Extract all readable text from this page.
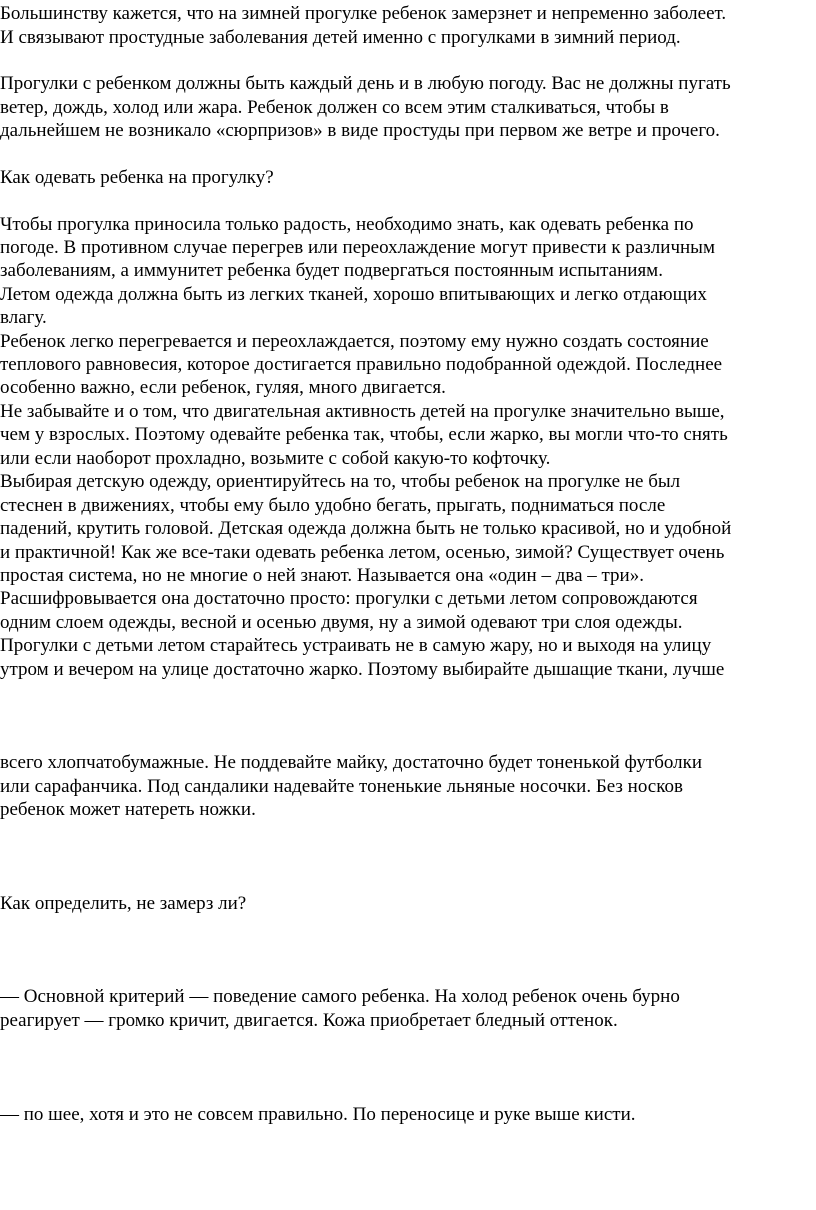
Большинству кажется, что на зимней прогулке ребенок замерзнет и непременно заболеет.

И связывают простудные заболевания детей именно с прогулками в зимний период.

Прогулки с ребенком должны быть каждый день и в любую погоду. Вас не должны пугать

ветер, дождь, холод или жара. Ребенок должен со всем этим сталкиваться, чтобы в

дальнейшем не возникало «сюрпризов» в виде простуды при первом же ветре и прочего.

Как одевать ребенка на прогулку?

Чтобы прогулка приносила только радость, необходимо знать, как одевать ребенка по

погоде. В противном случае перегрев или переохлаждение могут привести к различным

заболеваниям, а иммунитет ребенка будет подвергаться постоянным испытаниям.

Летом одежда должна быть из легких тканей, хорошо впитывающих и легко отдающих

влагу.

Ребенок легко перегревается и переохлаждается, поэтому ему нужно создать состояние

теплового равновесия, которое достигается правильно подобранной одеждой. Последнее

особенно важно, если ребенок, гуляя, много двигается.

Не забывайте и о том, что двигательная активность детей на прогулке значительно выше,

чем у взрослых. Поэтому одевайте ребенка так, чтобы, если жарко, вы могли что-то снять

или если наоборот прохладно, возьмите с собой какую-то кофточку.

Выбирая детскую одежду, ориентируйтесь на то, чтобы ребенок на прогулке не был

стеснен в движениях, чтобы ему было удобно бегать, прыгать, подниматься после

падений, крутить головой. Детская одежда должна быть не только красивой, но и удобной

и практичной! Как же все-таки одевать ребенка летом, осенью, зимой? Существует очень

простая система, но не многие о ней знают. Называется она «один – два – три».

Расшифровывается она достаточно просто: прогулки с детьми летом сопровождаются

одним слоем одежды, весной и осенью двумя, ну а зимой одевают три слоя одежды.

Прогулки с детьми летом старайтесь устраивать не в самую жару, но и выходя на улицу

утром и вечером на улице достаточно жарко. Поэтому выбирайте дышащие ткани, лучше

всего хлопчатобумажные. Не поддевайте майку, достаточно будет тоненькой футболки

или сарафанчика. Под сандалики надевайте тоненькие льняные носочки. Без носков

ребенок может натереть ножки.

Как определить, не замерз ли?

— Основной критерий — поведение самого ребенка. На холод ребенок очень бурно

реагирует — громко кричит, двигается. Кожа приобретает бледный оттенок.

— по шее, хотя и это не совсем правильно. По переносице и руке выше кисти.
